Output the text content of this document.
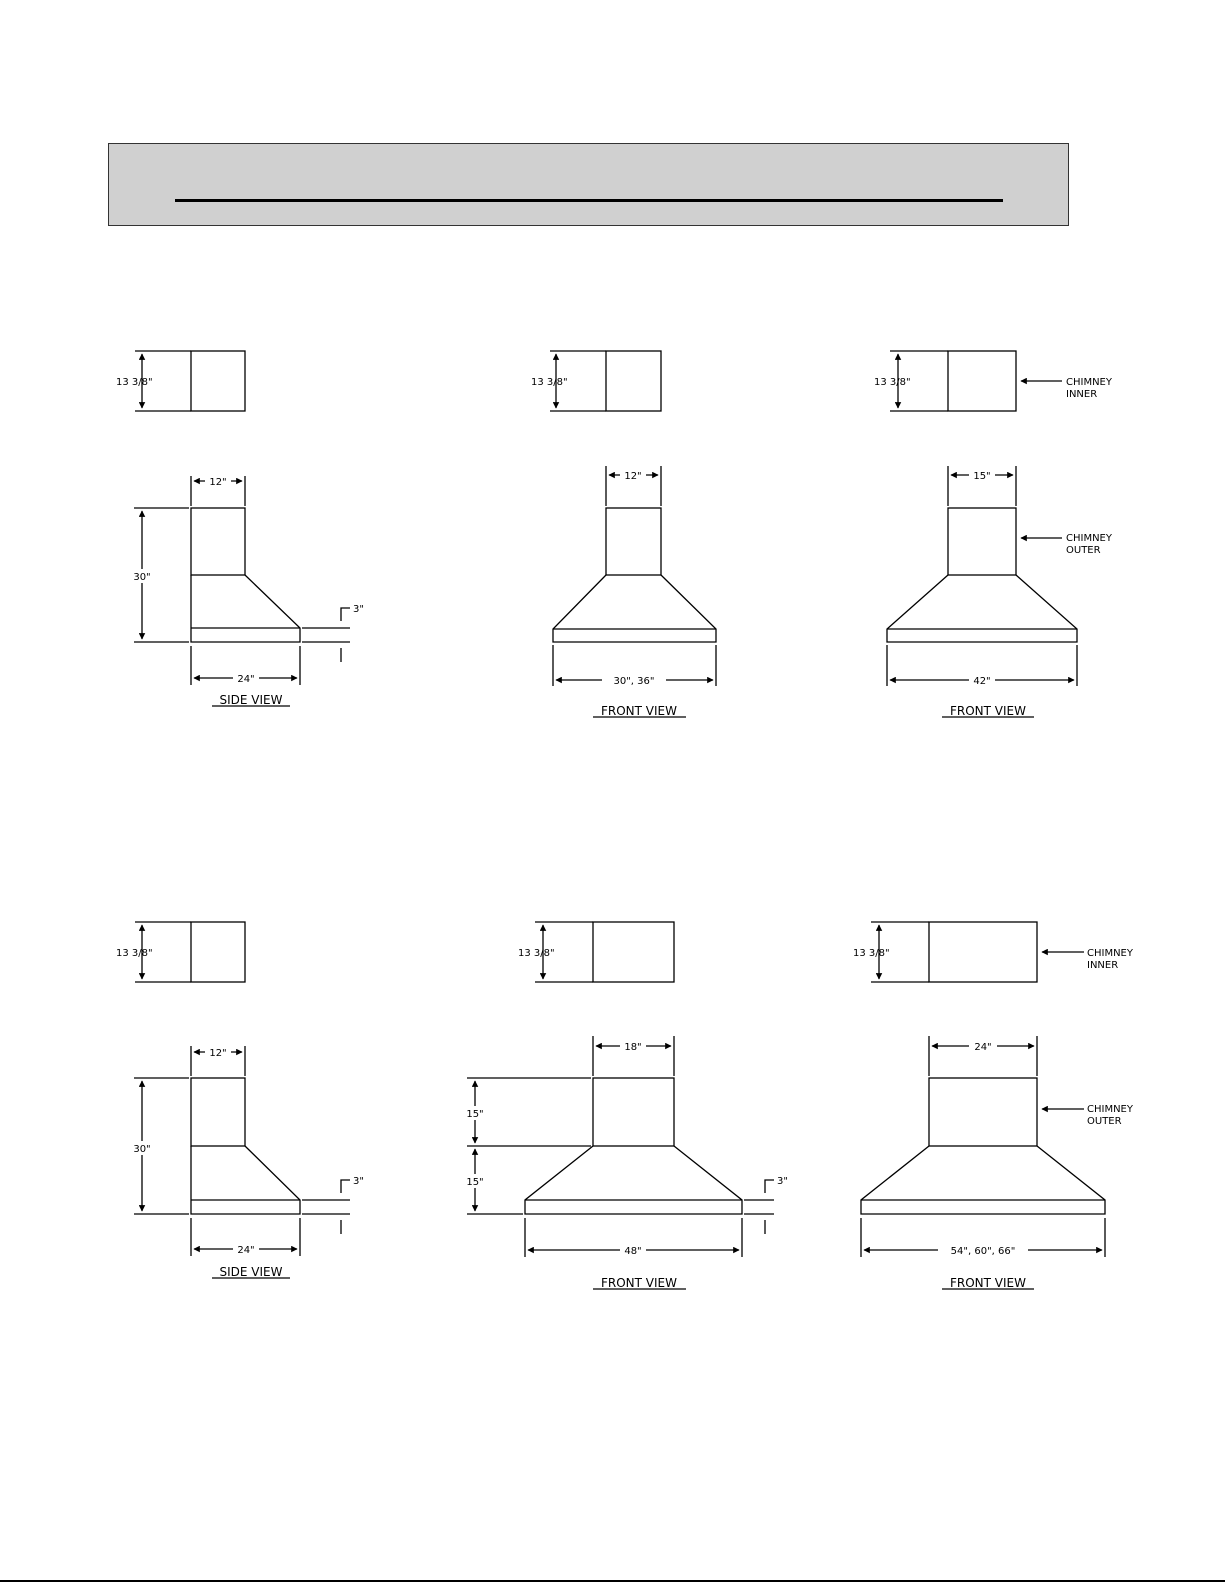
13 3/8"
12"
30"
3"
24"
SIDE VIEW
13 3/8"
12"
30", 36"
FRONT VIEW
13 3/8"	CHIMNEY
INNER
15"
CHIMNEY
OUTER
42"
FRONT VIEW
13 3/8"
12"
30"
3"
24"
SIDE VIEW
13 3/8"
18"
15"
15"	3"
48"
FRONT VIEW
13 3/8"	CHIMNEY
INNER
24"
CHIMNEY
OUTER
54", 60", 66"
FRONT VIEW
